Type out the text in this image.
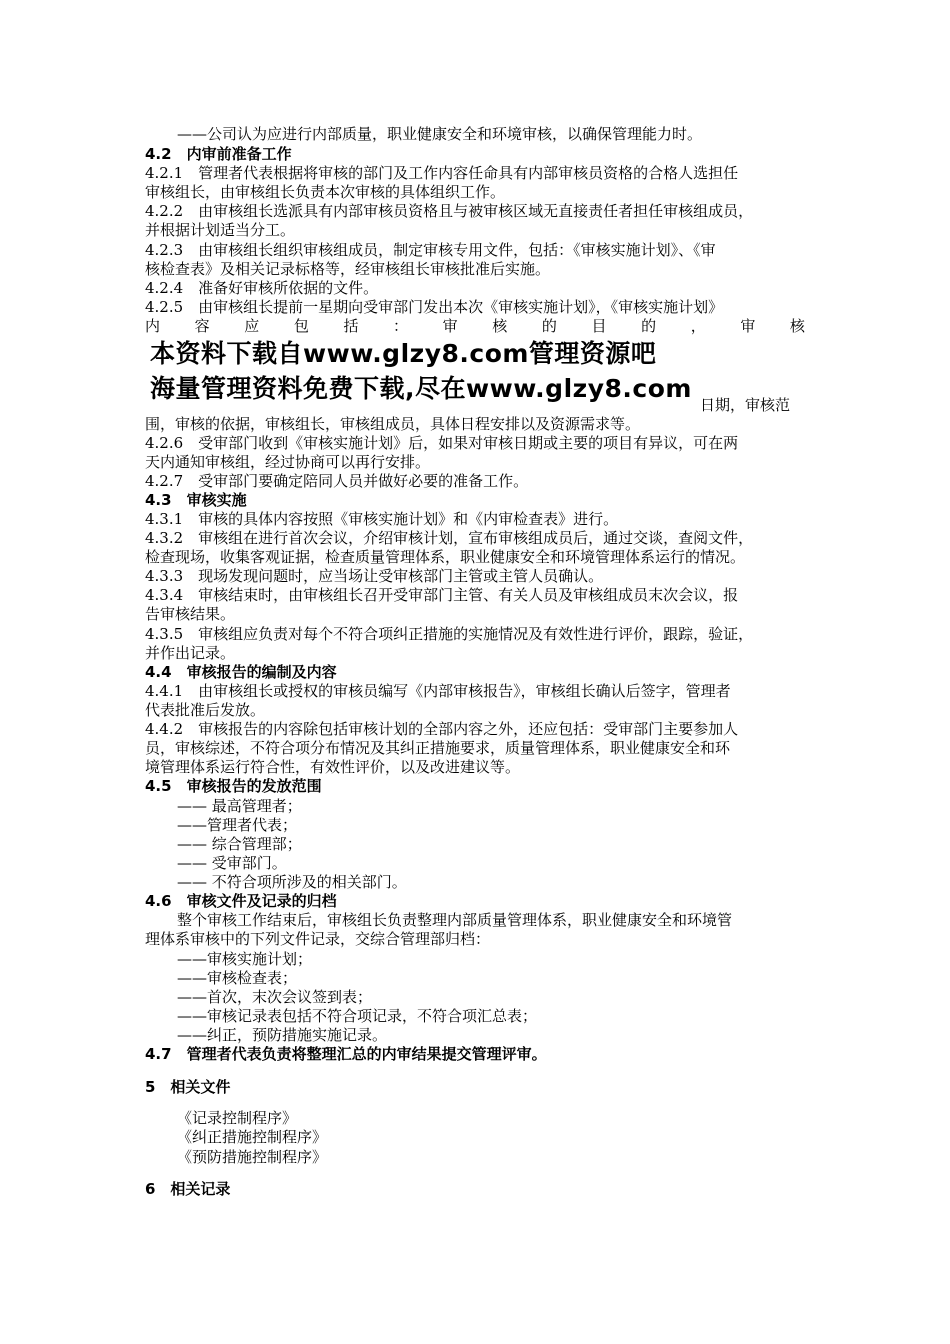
——公司认为应进行内部质量，职业健康安全和环境审核，以确保管理能力时。
4.2　内审前准备工作
4.2.1　管理者代表根据将审核的部门及工作内容任命具有内部审核员资格的合格人选担任
审核组长，由审核组长负责本次审核的具体组织工作。
4.2.2　由审核组长选派具有内部审核员资格且与被审核区域无直接责任者担任审核组成员，
并根据计划适当分工。
4.2.3　由审核组长组织审核组成员，制定审核专用文件，包括：《审核实施计划》、《审
核检查表》及相关记录标格等，经审核组长审核批准后实施。
4.2.4　准备好审核所依据的文件。
4.2.5　由审核组长提前一星期向受审部门发出本次《审核实施计划》，《审核实施计划》
内 容 应 包 括 ： 审 核 的 目 的 ， 审 核
本资料下载自www.glzy8.com管理资源吧
海量管理资料免费下载,尽在www.glzy8.com
日期，审核范
围，审核的依据，审核组长，审核组成员，具体日程安排以及资源需求等。
4.2.6　受审部门收到《审核实施计划》后，如果对审核日期或主要的项目有异议，可在两
天内通知审核组，经过协商可以再行安排。
4.2.7　受审部门要确定陪同人员并做好必要的准备工作。
4.3　审核实施
4.3.1　审核的具体内容按照《审核实施计划》和《内审检查表》进行。
4.3.2　审核组在进行首次会议，介绍审核计划，宣布审核组成员后，通过交谈，查阅文件，
检查现场，收集客观证据，检查质量管理体系，职业健康安全和环境管理体系运行的情况。
4.3.3　现场发现问题时，应当场让受审核部门主管或主管人员确认。
4.3.4　审核结束时，由审核组长召开受审部门主管、有关人员及审核组成员末次会议，报
告审核结果。
4.3.5　审核组应负责对每个不符合项纠正措施的实施情况及有效性进行评价，跟踪，验证，
并作出记录。
4.4　审核报告的编制及内容
4.4.1　由审核组长或授权的审核员编写《内部审核报告》，审核组长确认后签字，管理者
代表批准后发放。
4.4.2　审核报告的内容除包括审核计划的全部内容之外，还应包括：受审部门主要参加人
员，审核综述，不符合项分布情况及其纠正措施要求，质量管理体系，职业健康安全和环
境管理体系运行符合性，有效性评价，以及改进建议等。
4.5　审核报告的发放范围
—— 最高管理者；
——管理者代表；
—— 综合管理部；
—— 受审部门。
—— 不符合项所涉及的相关部门。
4.6　审核文件及记录的归档
整个审核工作结束后，审核组长负责整理内部质量管理体系，职业健康安全和环境管
理体系审核中的下列文件记录，交综合管理部归档：
——审核实施计划；
——审核检查表；
——首次，末次会议签到表；
——审核记录表包括不符合项记录，不符合项汇总表；
——纠正，预防措施实施记录。
4.7　管理者代表负责将整理汇总的内审结果提交管理评审。
5　相关文件
《记录控制程序》
《纠正措施控制程序》
《预防措施控制程序》
6　相关记录
